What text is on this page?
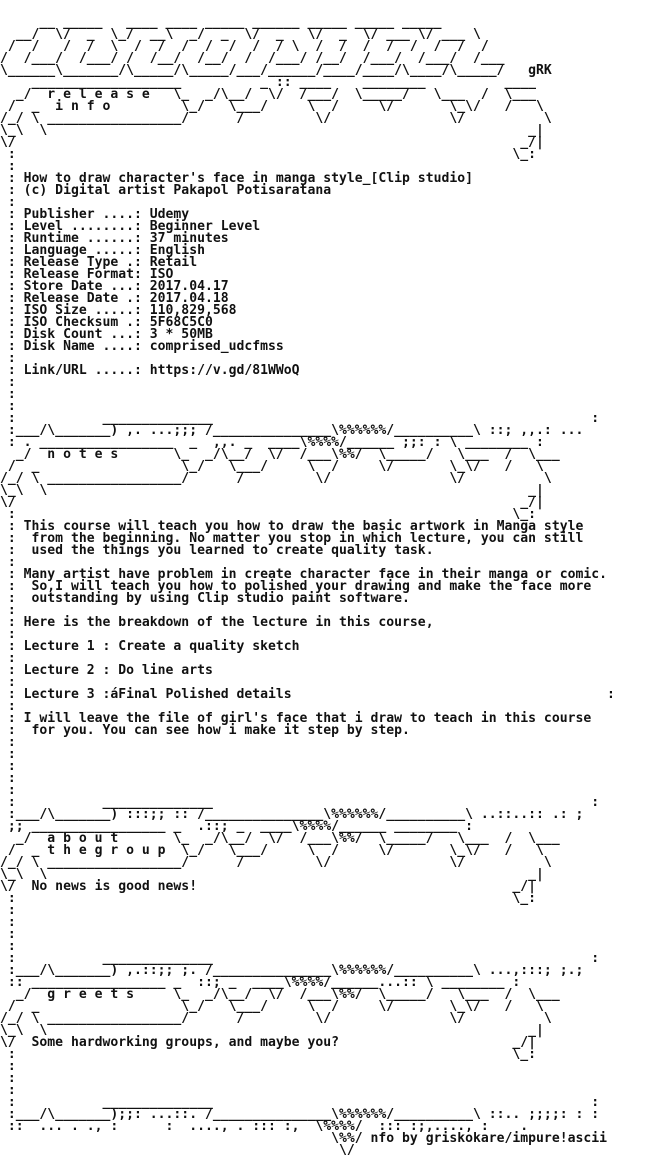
__ _____   ____ ____ _____ ______ _____ _____ _____
__/  \/  _  \_/  __\  _/  _  \/  _   \/  _  \/ ___ \/ ___ \
/  /   /  /  \  /  /  /  /  /  /  / \  /  /  /  /  /  /  /  /
/  /___/  /___/ /  /__/  /__/  /  /___/ /__/  /___/  /___/  /___
\______\_______/\_____/\_____/___/______/____/____/\____/\_____/   gRK
___________________          _ :: ____    ________          ____
_/  r e l e a s e   \_  _/\__/  \/  /___/  \_____/   \___  /  \___
/  _  i n f o         \_/   \___/     \  /     \/       \_\/   /   \
/_/ \ _________________/      /         \/               \/          \
\_\  \                                                             _|
\/                                                                _/|
:                                                               \_:
:
: How to draw character's face in manga style_[Clip studio]
: (c) Digital artist Pakapol Potisaratana
:
: Publisher ....: Udemy
: Level ........: Beginner Level
: Runtime ......: 37 minutes
: Language .....: English
: Release Type .: Retail
: Release Format: ISO
: Store Date ...: 2017.04.17
: Release Date .: 2017.04.18
: ISO Size .....: 110,829,568
: ISO Checksum .: 5F68C5C0
: Disk Count ...: 3 * 50MB
: Disk Name ....: comprised_udcfmss
:
: Link/URL .....: https://v.gd/81WWoQ
:
:
:
:           ______________                                                :
:___/\_______) ,. ...;;; /_______________\%%%%%%/__________\ ::; ,,.: ...
: . _________________  _  ,,. _  ____\%%%%/______ ;;: : \ ________ :
_/  n o t e s       \_  _/\__/  \/  /___\%%/  \_____/   \___  /  \___
/  _                  \_/   \___/     \  /     \/       \_\/   /   \
/_/ \ _________________/      /         \/               \/          \
\_\  \                                                             _|
\/                                                                _/|
:                                                               \_:
: This course will teach you how to draw the basic artwork in Manga style
:  from the beginning. No matter you stop in which lecture, you can still
:  used the things you learned to create quality task.
:
: Many artist have problem in create character face in their manga or comic.
:  So,I will teach you how to polished your drawing and make the face more
:  outstanding by using Clip studio paint software.
:
: Here is the breakdown of the lecture in this course,
:
: Lecture 1 : Create a quality sketch
:
: Lecture 2 : Do line arts
:
: Lecture 3 :áFinal Polished details                                        :
:
: I will leave the file of girl's face that i draw to teach in this course
:  for you. You can see how i make it step by step.
:
:
:
:
:
:           ______________                                                :
:___/\_______) :::;; :: /_______________\%%%%%%/__________\ ..::..:: .: ;
;; _________________ _  .::; _  ____\%%%%/______ ________ :
_/  a b o u t       \_  _/\__/  \/  /___\%%/  \_____/   \___  /  \___
/  _ t h e g r o u p  \_/   \___/     \  /     \/       \_\/   /   \
/_/ \ _________________/      /         \/               \/          \
\_\  \                                                             _|
\/  No news is good news!                                        _/|
:                                                               \_:
:
:
:
:
:           ______________                                                :
:___/\_______) ,.::;; ;. /_______________\%%%%%%/__________\ ...,:::; ;.;
:: _________________ _  ::; _  ____\%%%%/______...:: \ ________ :
_/  g r e e t s     \_  _/\__/  \/  /___\%%/  \_____/   \___  /  \___
/  _                  \_/   \___/     \  /     \/       \_\/   /   \
/_/ \ _________________/      /         \/               \/          \
\_\  \                                                             _|
\/  Some hardworking groups, and maybe you?                      _/|
:                                                               \_:
:
:
:
:           ______________                                                :
:___/\_______);;: ...::. /_______________\%%%%%%/__________\ ::.. ;;;;: : :
::  ... . ., :      :  ...., . ::: :,  \%%%%/  ::: :;,...., :    .
\%%/ nfo by griskokare/impure!ascii
\/
